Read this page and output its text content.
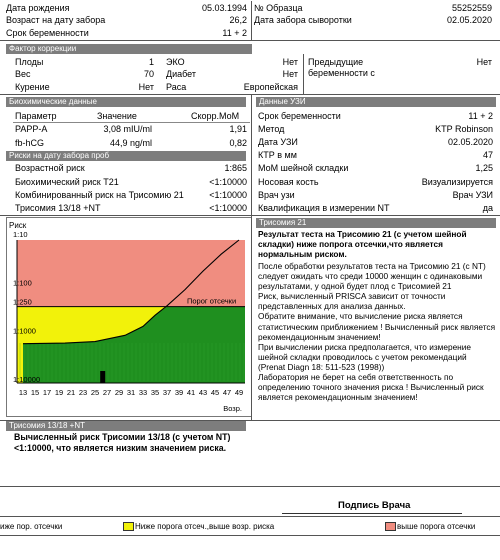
Дата рождения	05.03.1994
Возраст на дату забора	26,2
Срок беременности	11 + 2
№ Образца	55252559
Дата забора сыворотки	02.05.2020
Фактор коррекции
Плоды	1
Вес	70
Курение	Нет
ЭКО	Нет
Диабет	Нет
Раса	Европейская
Предыдущие беременности с
Нет
Биохимические данные
Параметр	Значение	Скорр.МоМ
PAPP-A	3,08 mIU/ml	1,91
fb-hCG	44,9 ng/ml	0,82
Риски на дату забора проб
Возрастной риск	1:865
Биохимический риск Т21	<1:10000
Комбинированный риск на Трисомию 21	<1:10000
Трисомия 13/18 +NT	<1:10000
Данные УЗИ
Срок беременности	11 + 2
Метод	KTP Robinson
Дата УЗИ	02.05.2020
КТР в мм	47
МоМ шейной складки	1,25
Носовая кость	Визуализируется
Врач узи	Врач УЗИ
Квалификация в измерении NT	да
Риск
1:10
1:100
1:250
1:1000
1:10000
Порог отсечки
13 15 17 19 21 23 25 27 29 31 33 35 37 39 41 43 45 47 49
Возр.
Трисомия 21
Результат теста на Трисомию 21 (с учетом шейной складки) ниже попрога отсечки,что является нормальным риском.
После обработки результатов теста на Трисомию 21 (с NT) следует ожидать что среди 10000 женщин с одинаковыми результатами, у одной будет плод с Трисомией 21
Риск, вычисленный PRISCA зависит от точности представленных для анализа данных.
Обратите внимание, что вычисление риска является статистическим приближением ! Вычисленный риск является рекомендационным значением!
При вычислении риска предполагается, что измерение шейной складки проводилось с учетом рекомендаций (Prenat Diagn 18: 511-523 (1998))
Лаборатория не берет на себя ответственность по определению точного значения риска ! Вычисленный риск является рекомендационным значением!
Трисомия 13/18 +NT
Вычисленный риск Трисомии 13/18 (с учетом NT) <1:10000, что является низким значением риска.
Подпись Врача
иже пор. отсечки	Ниже порога отсеч.,выше возр. риска	выше порога отсечки
